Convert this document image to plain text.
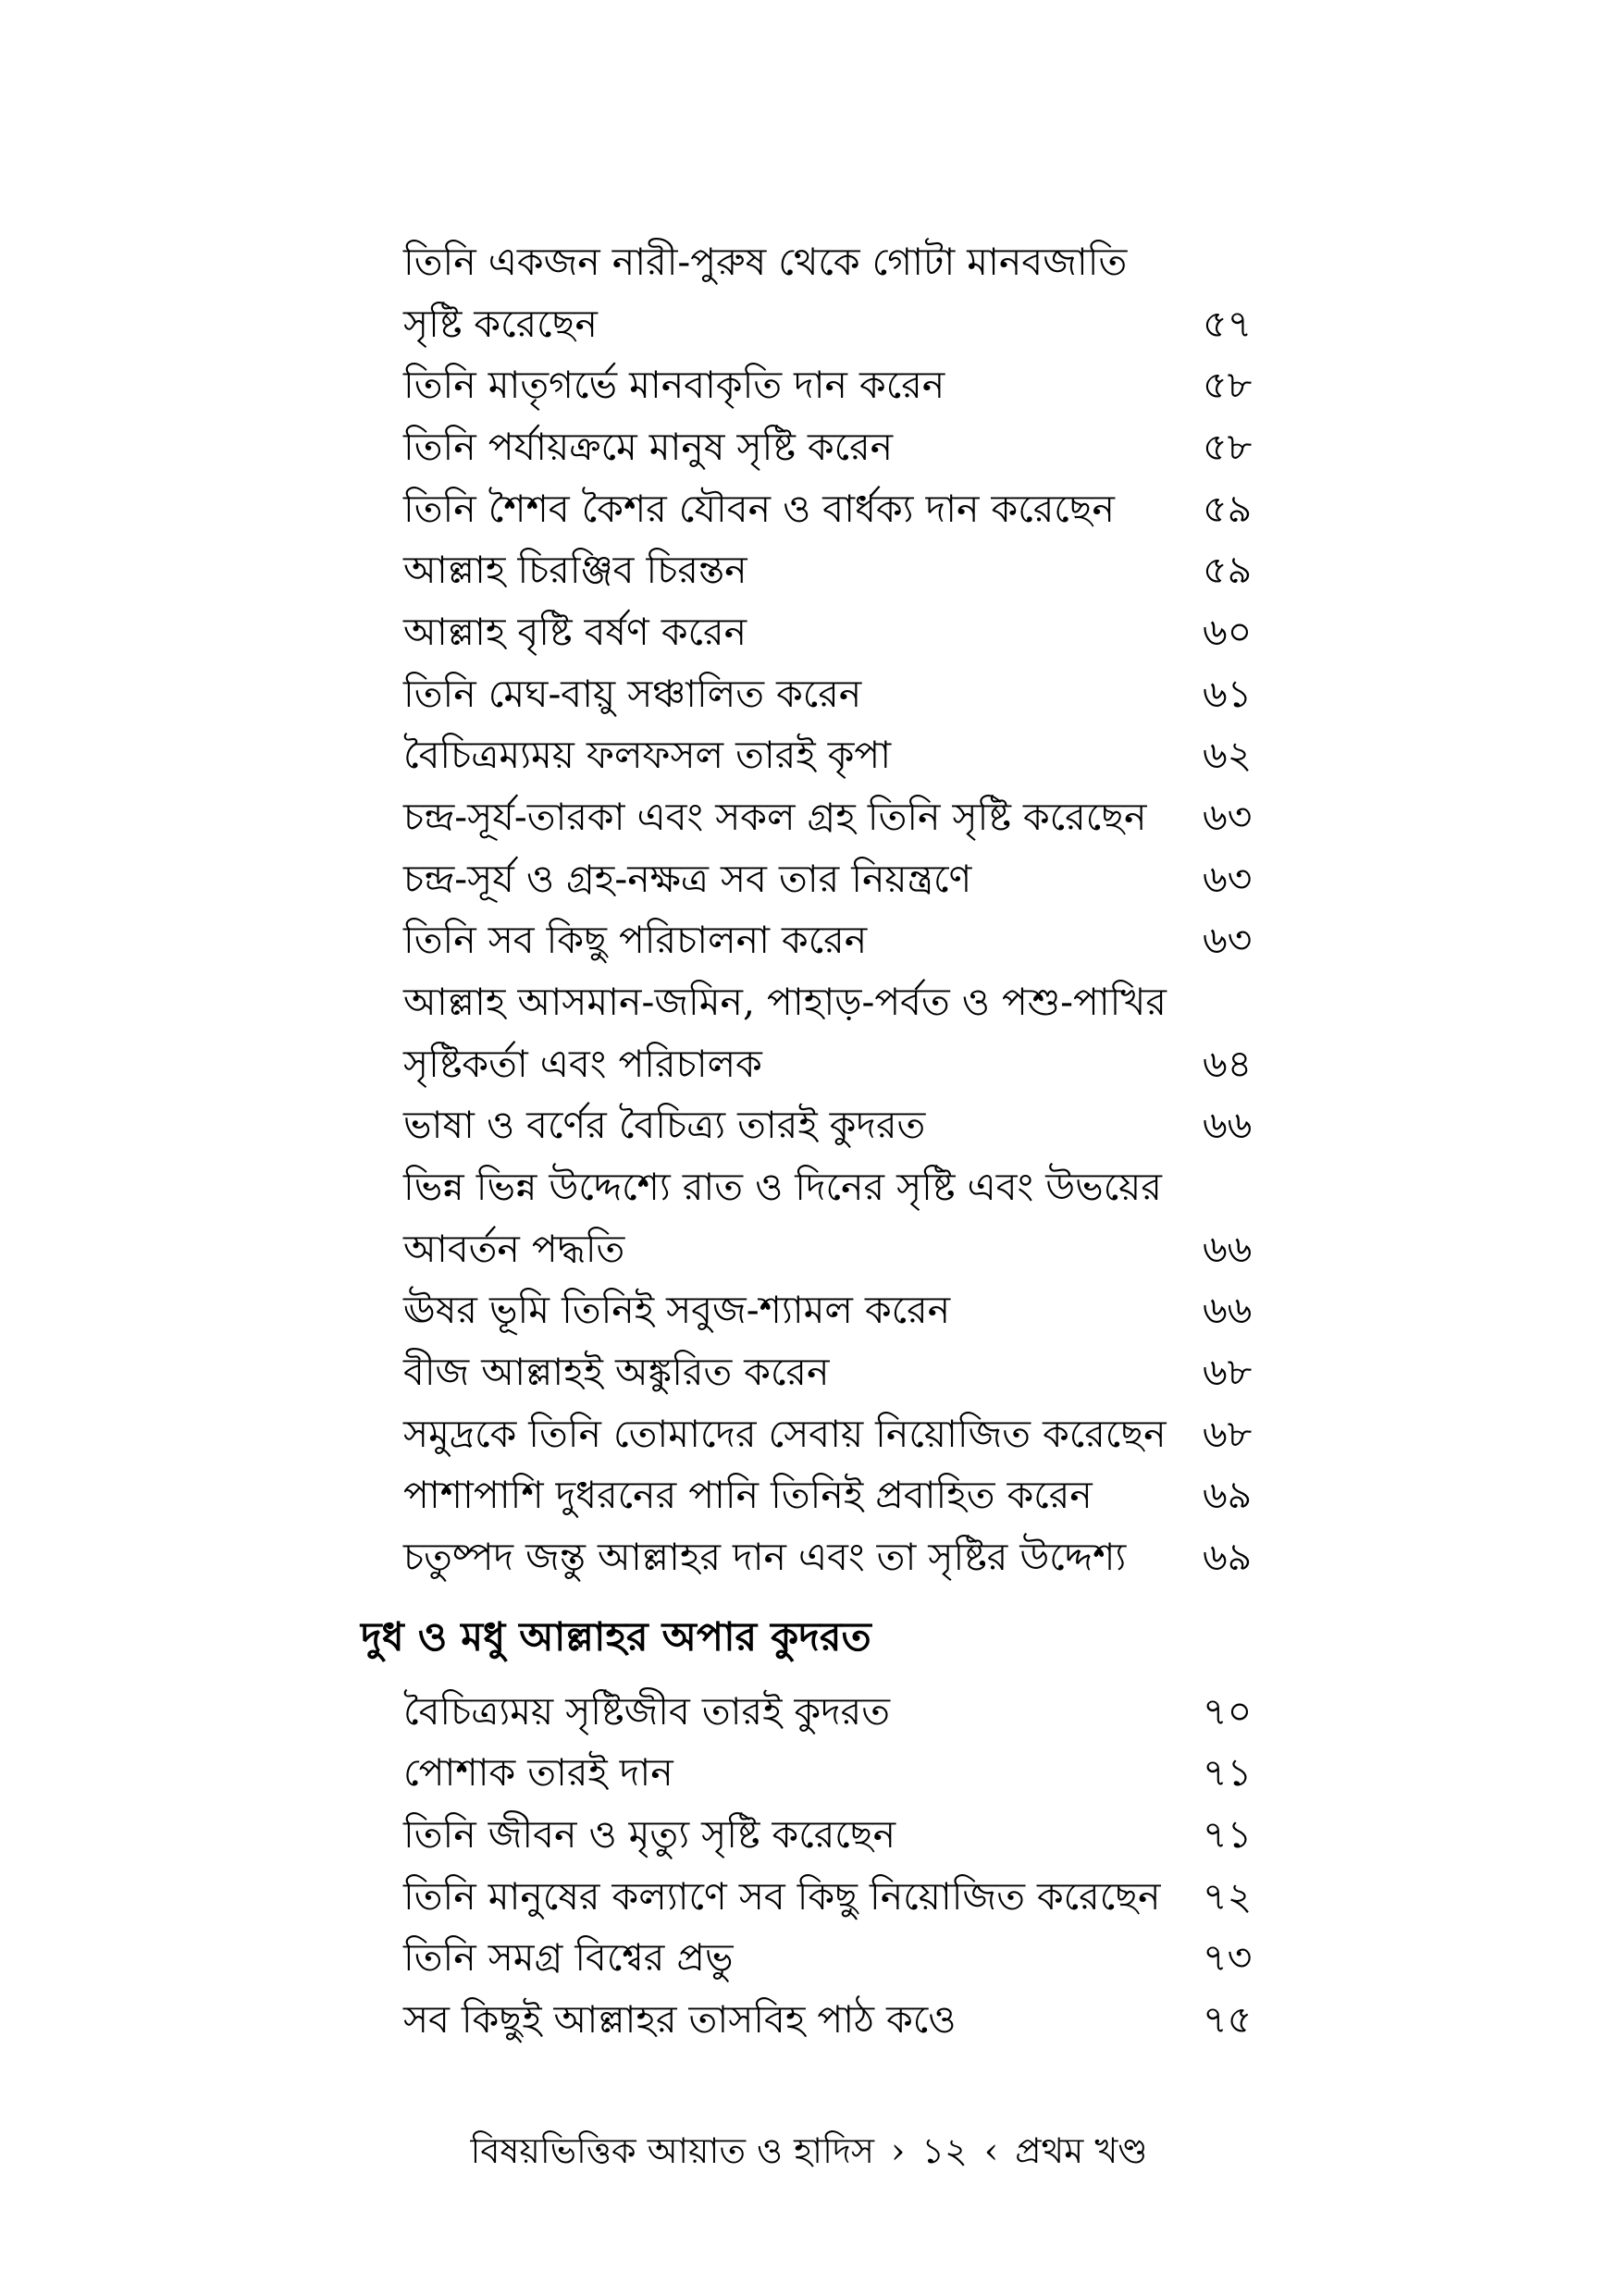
তিনি একজন নারী-পুরুষ থেকে গোটা মানবজাতি
সৃষ্টি করেছেন	৫৭
তিনি মাতৃগর্ভে মানবাকৃতি দান করেন	৫৮
তিনি পর্যায়ক্রমে মানুষ সৃষ্টি করেন	৫৮
তিনি শৈশব কৈশর যৌবন ও বার্ধক্য দান করেছেন ৫৯
আল্লাহ চিরঞ্জিব চিরন্তন	৫৯
আল্লাহ বৃষ্টি বর্ষণ করেন	৬০
তিনি মেঘ-বায়ু সঞ্চালিত করেন	৬১
বৈচিত্রম্যময় ফলফসল তারই কৃপা	৬২
চন্দ্র-সূর্য-তারকা এবং সকল গ্রহ তিনি সৃষ্টি করেছেন ৬৩
চন্দ্র-সূর্য ও গ্রহ-নক্ষত্র সব তার নিয়ন্ত্রণে	৬৩
তিনি সব কিছু পরিচালনা করেন	৬৩
আল্লাহ আসমান-জমিন, পাহাড়-পর্বত ও পশু-পাখির
সৃষ্টিকর্তা এবং পরিচালক	৬৪
ভাষা ও বর্ণের বৈচিত্র্য তারই কুদরত	৬৬
ভিন্ন ভিন্ন উদ্দেশ্যে রাত ও দিনের সৃষ্টি এবং উভয়ের
আবর্তন পদ্ধতি	৬৬
ঊষর ভূমি তিনিই সবুজ-শ্যামল করেন	৬৬
বীজ আল্লাহই অঙ্কুরিত করেন	৬৮
সমুদ্রকে তিনি তোমাদের সেবায় নিয়োজিত করেছেন ৬৮
পাশাপাশি দুধরনের পানি তিনিই প্রবাহিত করেন	৬৯
চতুষ্পদ জন্তু আল্লাহর দান এবং তা সৃষ্টির উদ্দেশ্য ৬৯
দুধ ও মধু আল্লাহর অপার কুদরত
বৈচিত্র্যময় সৃষ্টিজীব তারই কুদরত	৭০
পোশাক তারই দান	৭১
তিনি জীবন ও মৃত্যু সৃষ্টি করেছেন	৭১
তিনি মানুষের কল্যাণে সব কিছু নিয়োজিত করেছেন ৭২
তিনি সমগ্র বিশ্বের প্রভু	৭৩
সব কিছুই আল্লাহর তাসবিহ পাঠ কওে	৭৫
বিষয়ভিত্তিক আয়াত ও হাদিস › ১২ ‹ প্রথম খণ্ড
